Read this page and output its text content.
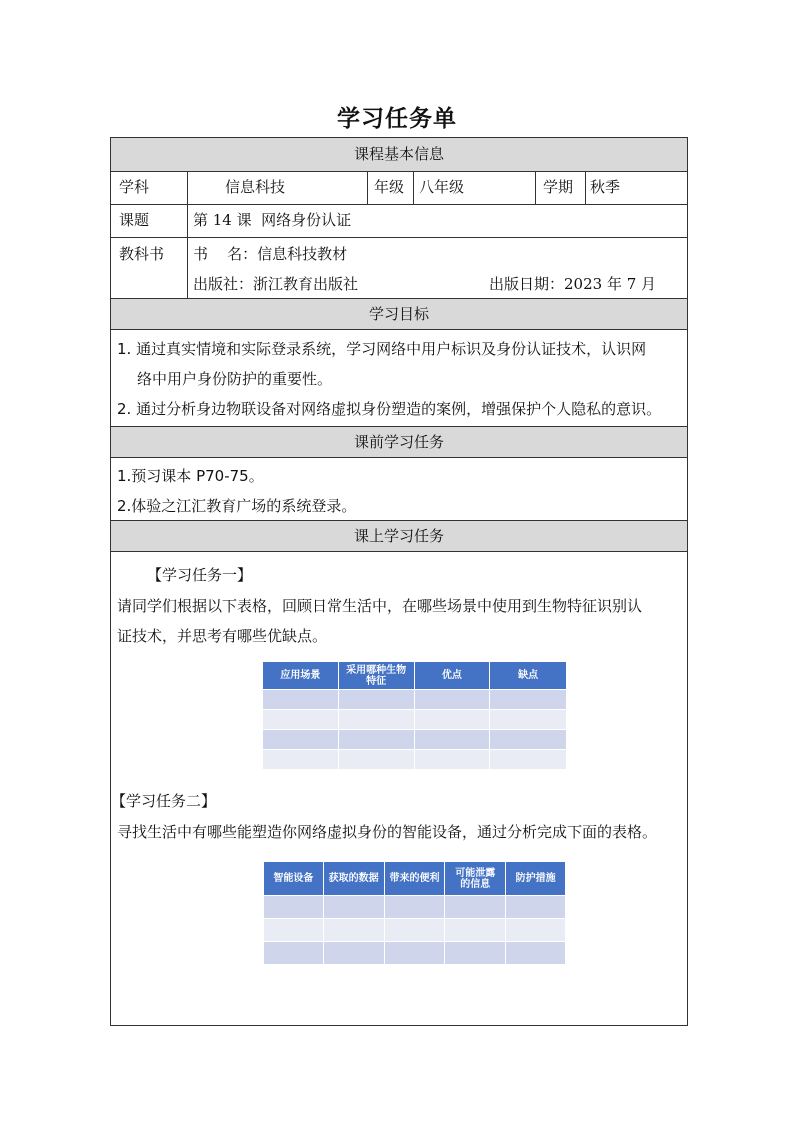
学习任务单
课程基本信息
学科	信息科技	年级 八年级	学期 秋季
课题	第 14 课  网络身份认证
教科书 书    名：信息科技教材
出版社：浙江教育出版社	出版日期：2023 年 7 月
学习目标
1. 通过真实情境和实际登录系统，学习网络中用户标识及身份认证技术，认识网
络中用户身份防护的重要性。
2. 通过分析身边物联设备对网络虚拟身份塑造的案例，增强保护个人隐私的意识。
课前学习任务
1.预习课本 P70-75。
2.体验之江汇教育广场的系统登录。
课上学习任务
【学习任务一】
请同学们根据以下表格，回顾日常生活中，在哪些场景中使用到生物特征识别认
证技术，并思考有哪些优缺点。
应用场景	采用哪种生物特征	优点	缺点

【学习任务二】
寻找生活中有哪些能塑造你网络虚拟身份的智能设备，通过分析完成下面的表格。
智能设备	获取的数据	带来的便利	可能泄露的信息	防护措施
